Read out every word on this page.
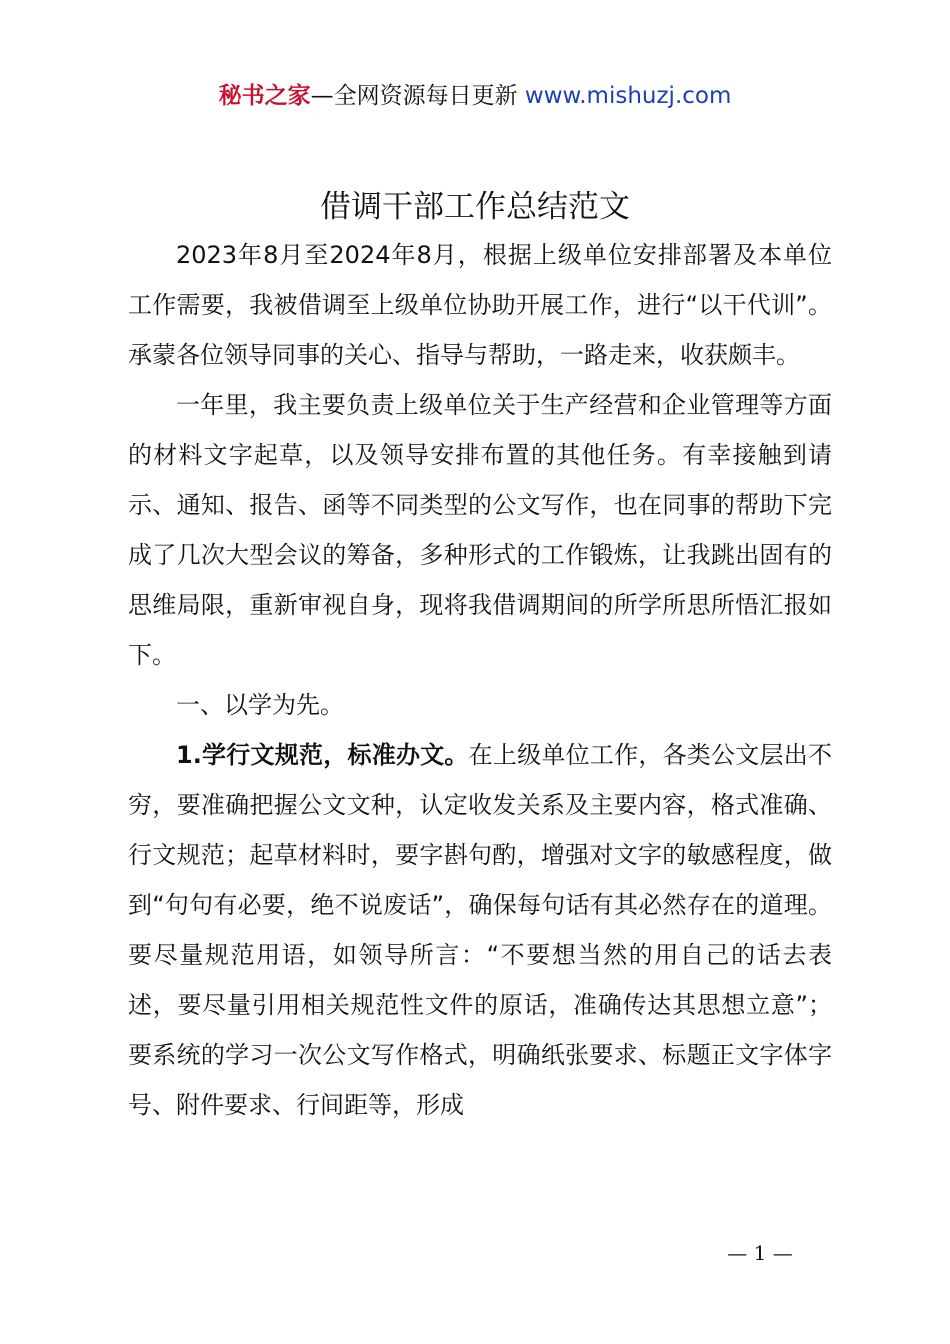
秘书之家—全网资源每日更新 www.mishuzj.com
借调干部工作总结范文

2023年8月至2024年8月，根据上级单位安排部署及本单位工作需要，我被借调至上级单位协助开展工作，进行“以干代训”。承蒙各位领导同事的关心、指导与帮助，一路走来，收获颇丰。

一年里，我主要负责上级单位关于生产经营和企业管理等方面的材料文字起草，以及领导安排布置的其他任务。有幸接触到请示、通知、报告、函等不同类型的公文写作，也在同事的帮助下完成了几次大型会议的筹备，多种形式的工作锻炼，让我跳出固有的思维局限，重新审视自身，现将我借调期间的所学所思所悟汇报如下。

一、以学为先。

1.学行文规范，标准办文。在上级单位工作，各类公文层出不穷，要准确把握公文文种，认定收发关系及主要内容，格式准确、行文规范；起草材料时，要字斟句酌，增强对文字的敏感程度，做到“句句有必要，绝不说废话”，确保每句话有其必然存在的道理。要尽量规范用语，如领导所言：“不要想当然的用自己的话去表述，要尽量引用相关规范性文件的原话，准确传达其思想立意”；要系统的学习一次公文写作格式，明确纸张要求、标题正文字体字号、附件要求、行间距等，形成

— 1 —
